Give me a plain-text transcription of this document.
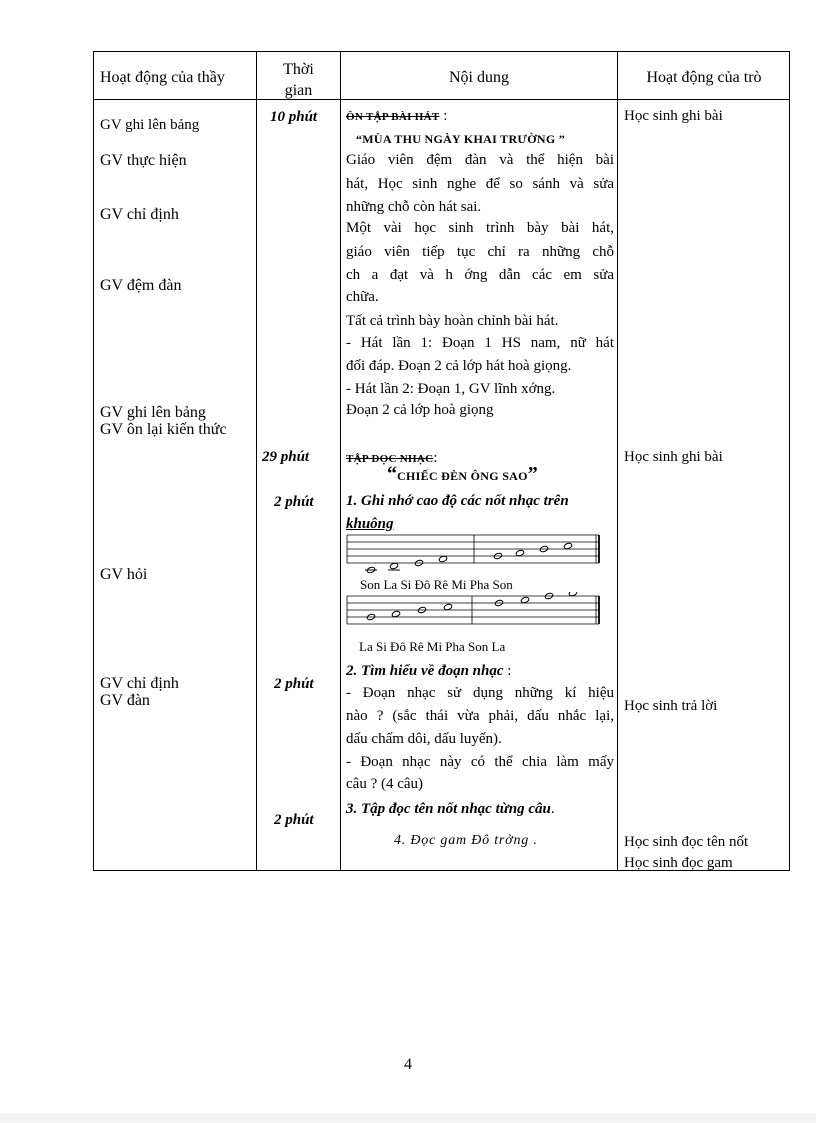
Hoạt động của thầy	Thời
gian
Nội dung	Hoạt động của trò
GV ghi lên bảng
GV thực hiện
GV chỉ định
GV đệm đàn
GV ghi lên bảng
GV ôn lại kiến thức
GV hỏi
GV chỉ định
GV đàn
10 phút
29 phút
2 phút
2 phút
2 phút
ÔN TẬP BÀI HÁT :
“MÙA THU NGÀY KHAI TRƯỜNG ”
Giáo viên đệm đàn và thể hiện bài
hát, Học sinh nghe để so sánh và sửa
những chỗ còn hát sai.
Một vài học sinh trình bày bài hát,
giáo viên tiếp tục chỉ ra những chỗ
ch a đạt và h ớng dẫn các em sửa
chữa.
Tất cả trình bày hoàn chỉnh bài hát.
- Hát lần 1: Đoạn 1 HS nam, nữ hát
đối đáp. Đoạn 2 cả lớp hát hoà giọng.
- Hát lần 2: Đoạn 1, GV lĩnh xớng.
Đoạn 2 cả lớp hoà giọng
TẬP ĐỌC NHẠC:
“CHIẾC ĐÈN ÔNG SAO”
1. Ghi nhớ cao độ các nốt nhạc trên
khuông
Son La Si Đô Rê Mi Pha Son
La Si Đô Rê Mi Pha Son La
2. Tìm hiểu về đoạn nhạc :
- Đoạn nhạc sử dụng những kí hiệu
nào ? (sắc thái vừa phải, dấu nhắc lại,
dấu chấm dôi, dấu luyến).
- Đoạn nhạc này có thể chia làm mấy
câu ? (4 câu)
3. Tập đọc tên nốt nhạc từng câu.
4. Đọc gam Đô trởng .
Học sinh ghi bài
Học sinh ghi bài
Học sinh trả lời
Học sinh đọc tên nốt
Học sinh đọc gam
4
